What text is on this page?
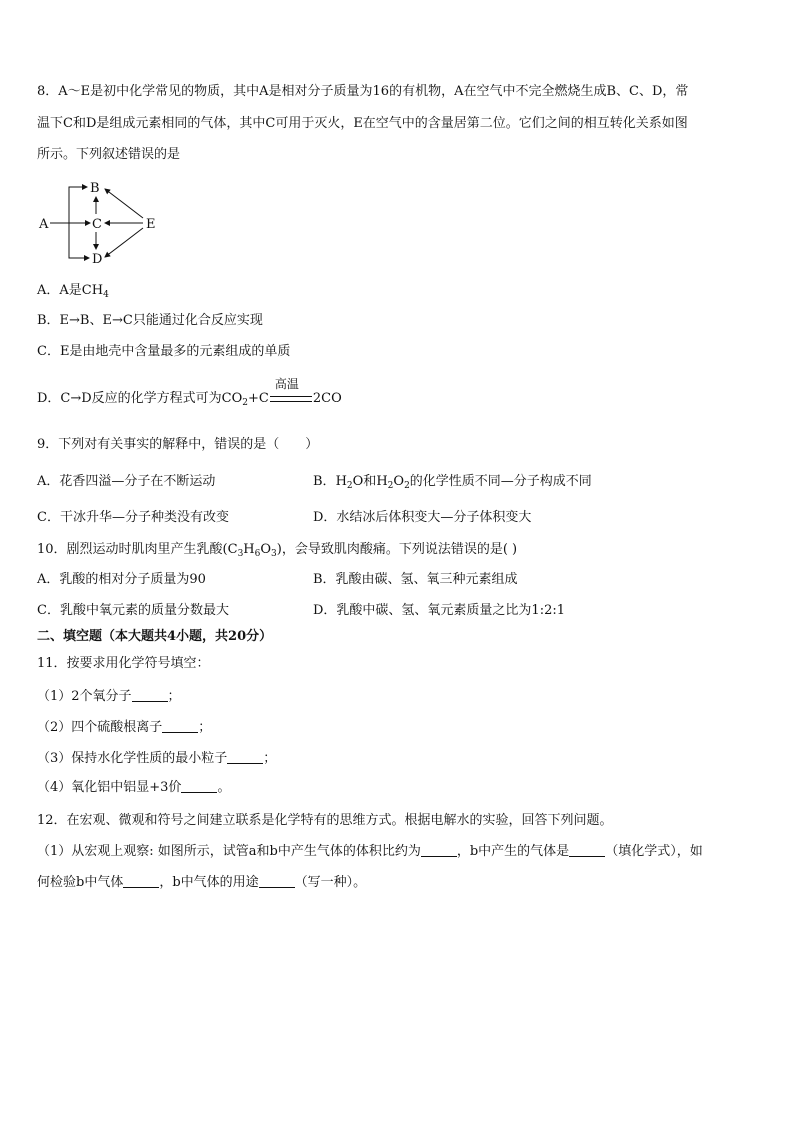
8．A～E是初中化学常见的物质，其中A是相对分子质量为16的有机物，A在空气中不完全燃烧生成B、C、D，常
温下C和D是组成元素相同的气体，其中C可用于灭火，E在空气中的含量居第二位。它们之间的相互转化关系如图
所示。下列叙述错误的是
A
B
C
D
E
A．A是$CH_4$
B．E→B、E→C只能通过化合反应实现
C．E是由地壳中含量最多的元素组成的单质
D．C→D反应的化学方程式可为$CO_2+C$
高温
2CO
9．下列对有关事实的解释中，错误的是（　　）
A．花香四溢—分子在不断运动	B．$H_2O$和$H_2O_2$的化学性质不同—分子构成不同
C．干冰升华—分子种类没有改变	D．水结冰后体积变大—分子体积变大
10．剧烈运动时肌肉里产生乳酸$(C_3H_6O_3)$，会导致肌肉酸痛。下列说法错误的是( )
A．乳酸的相对分子质量为90	B．乳酸由碳、氢、氧三种元素组成
C．乳酸中氧元素的质量分数最大	D．乳酸中碳、氢、氧元素质量之比为1:2:1
二、填空题（本大题共4小题，共20分）
11．按要求用化学符号填空：
（1）2个氧分子	；
（2）四个硫酸根离子	；
（3）保持水化学性质的最小粒子	；
（4）氧化铝中铝显+3价	。
12．在宏观、微观和符号之间建立联系是化学特有的思维方式。根据电解水的实验，回答下列问题。
（1）从宏观上观察: 如图所示，试管a和b中产生气体的体积比约为	，b中产生的气体是	（填化学式），如
何检验b中气体	，b中气体的用途	（写一种）。
